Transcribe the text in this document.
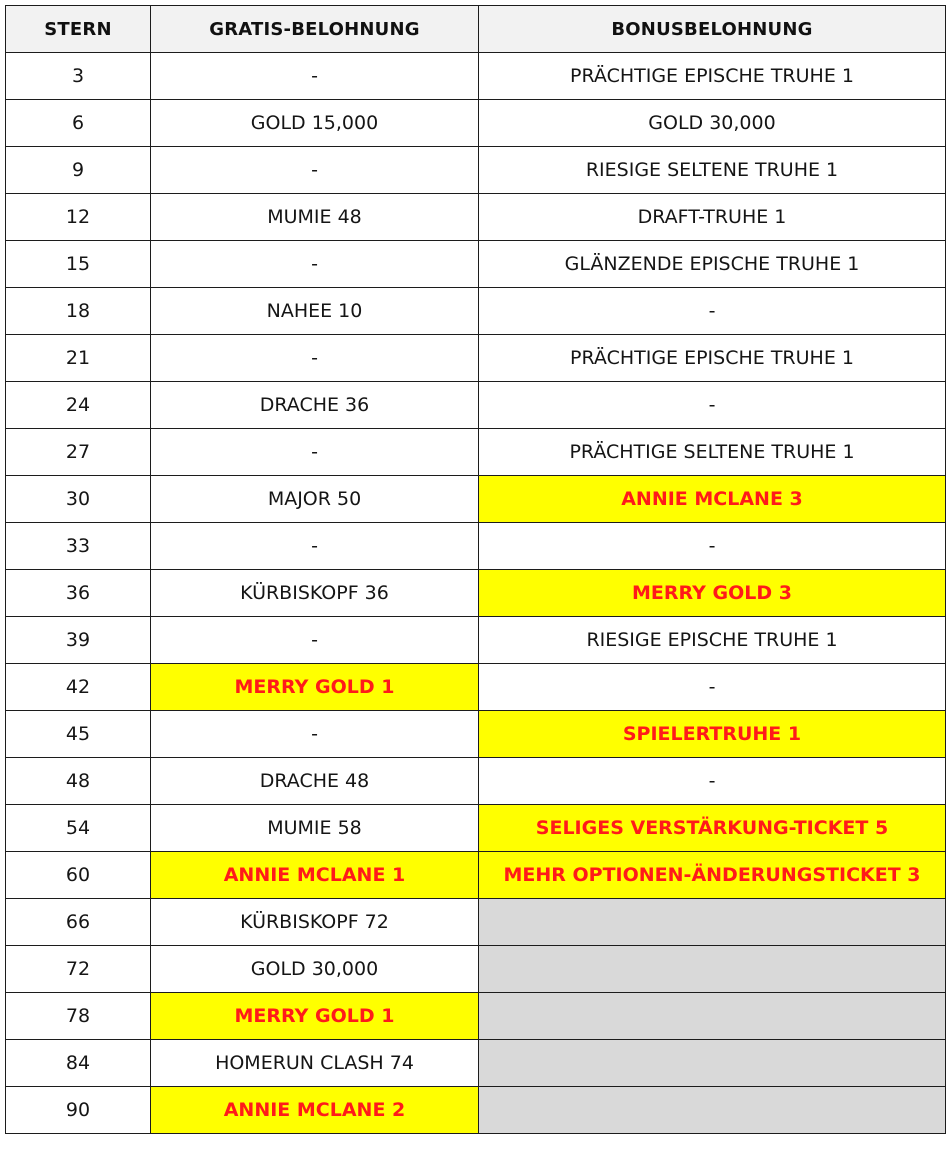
STERN	GRATIS-BELOHNUNG	BONUSBELOHNUNG
3	-	PRÄCHTIGE EPISCHE TRUHE 1
6	GOLD 15,000	GOLD 30,000
9	-	RIESIGE SELTENE TRUHE 1
12	MUMIE 48	DRAFT-TRUHE 1
15	-	GLÄNZENDE EPISCHE TRUHE 1
18	NAHEE 10	-
21	-	PRÄCHTIGE EPISCHE TRUHE 1
24	DRACHE 36	-
27	-	PRÄCHTIGE SELTENE TRUHE 1
30	MAJOR 50	ANNIE MCLANE 3
33	-	-
36	KÜRBISKOPF 36	MERRY GOLD 3
39	-	RIESIGE EPISCHE TRUHE 1
42	MERRY GOLD 1	-
45	-	SPIELERTRUHE 1
48	DRACHE 48	-
54	MUMIE 58	SELIGES VERSTÄRKUNG-TICKET 5
60	ANNIE MCLANE 1	MEHR OPTIONEN-ÄNDERUNGSTICKET 3
66	KÜRBISKOPF 72	
72	GOLD 30,000	
78	MERRY GOLD 1	
84	HOMERUN CLASH 74	
90	ANNIE MCLANE 2	
